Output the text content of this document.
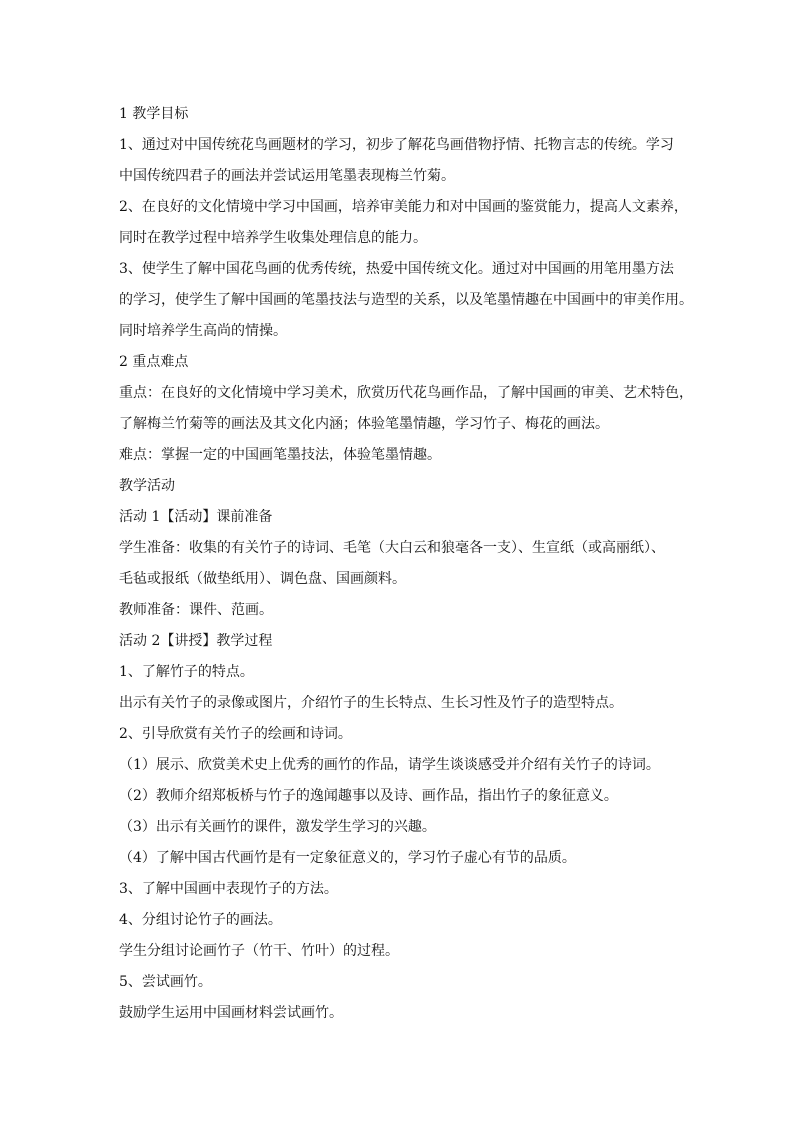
1 教学目标
1、通过对中国传统花鸟画题材的学习，初步了解花鸟画借物抒情、托物言志的传统。学习
中国传统四君子的画法并尝试运用笔墨表现梅兰竹菊。
2、在良好的文化情境中学习中国画，培养审美能力和对中国画的鉴赏能力，提高人文素养，
同时在教学过程中培养学生收集处理信息的能力。
3、使学生了解中国花鸟画的优秀传统，热爱中国传统文化。通过对中国画的用笔用墨方法
的学习，使学生了解中国画的笔墨技法与造型的关系，以及笔墨情趣在中国画中的审美作用。
同时培养学生高尚的情操。
2 重点难点
重点：在良好的文化情境中学习美术，欣赏历代花鸟画作品，了解中国画的审美、艺术特色，
了解梅兰竹菊等的画法及其文化内涵；体验笔墨情趣，学习竹子、梅花的画法。
难点：掌握一定的中国画笔墨技法，体验笔墨情趣。
教学活动
活动 1【活动】课前准备
学生准备：收集的有关竹子的诗词、毛笔（大白云和狼毫各一支）、生宣纸（或高丽纸）、
毛毡或报纸（做垫纸用）、调色盘、国画颜料。
教师准备：课件、范画。
活动 2【讲授】教学过程
1、了解竹子的特点。
出示有关竹子的录像或图片，介绍竹子的生长特点、生长习性及竹子的造型特点。
2、引导欣赏有关竹子的绘画和诗词。
（1）展示、欣赏美术史上优秀的画竹的作品，请学生谈谈感受并介绍有关竹子的诗词。
（2）教师介绍郑板桥与竹子的逸闻趣事以及诗、画作品，指出竹子的象征意义。
（3）出示有关画竹的课件，激发学生学习的兴趣。
（4）了解中国古代画竹是有一定象征意义的，学习竹子虚心有节的品质。
3、了解中国画中表现竹子的方法。
4、分组讨论竹子的画法。
学生分组讨论画竹子（竹干、竹叶）的过程。
5、尝试画竹。
鼓励学生运用中国画材料尝试画竹。
